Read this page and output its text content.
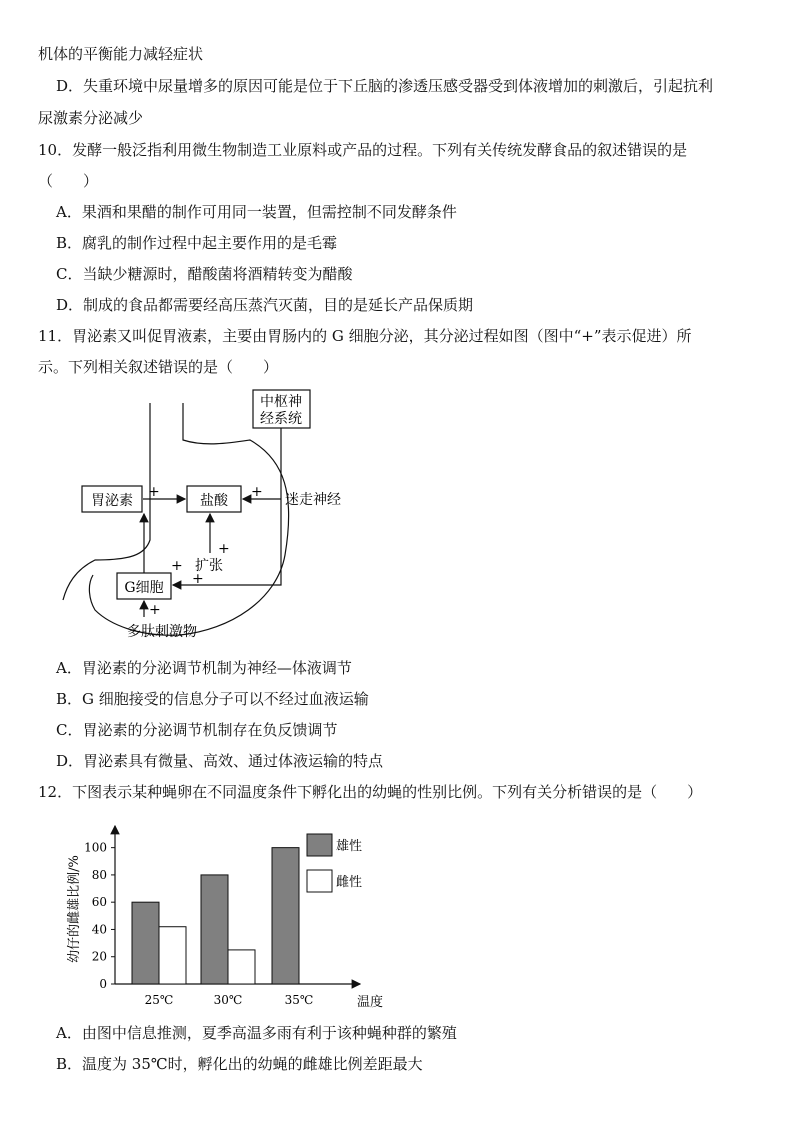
机体的平衡能力减轻症状
D．失重环境中尿量增多的原因可能是位于下丘脑的渗透压感受器受到体液增加的刺激后，引起抗利
尿激素分泌减少
10．发酵一般泛指利用微生物制造工业原料或产品的过程。下列有关传统发酵食品的叙述错误的是
（　　）
A．果酒和果醋的制作可用同一装置，但需控制不同发酵条件
B．腐乳的制作过程中起主要作用的是毛霉
C．当缺少糖源时，醋酸菌将酒精转变为醋酸
D．制成的食品都需要经高压蒸汽灭菌，目的是延长产品保质期
11．胃泌素又叫促胃液素，主要由胃肠内的 G 细胞分泌，其分泌过程如图（图中“+”表示促进）所
示。下列相关叙述错误的是（　　）
中枢神
经系统
胃泌素	盐酸
G细胞
迷走神经
扩张
多肽刺激物
+	+
+
+
+
+
A．胃泌素的分泌调节机制为神经—体液调节
B．G 细胞接受的信息分子可以不经过血液运输
C．胃泌素的分泌调节机制存在负反馈调节
D．胃泌素具有微量、高效、通过体液运输的特点
12．下图表示某种蝇卵在不同温度条件下孵化出的幼蝇的性别比例。下列有关分析错误的是（　　）
0
20
40
60
80
100
幼仔的雌雄比例/%
温度
25℃	30℃	35℃
雄性
雌性
A．由图中信息推测，夏季高温多雨有利于该种蝇种群的繁殖
B．温度为 35℃时，孵化出的幼蝇的雌雄比例差距最大
